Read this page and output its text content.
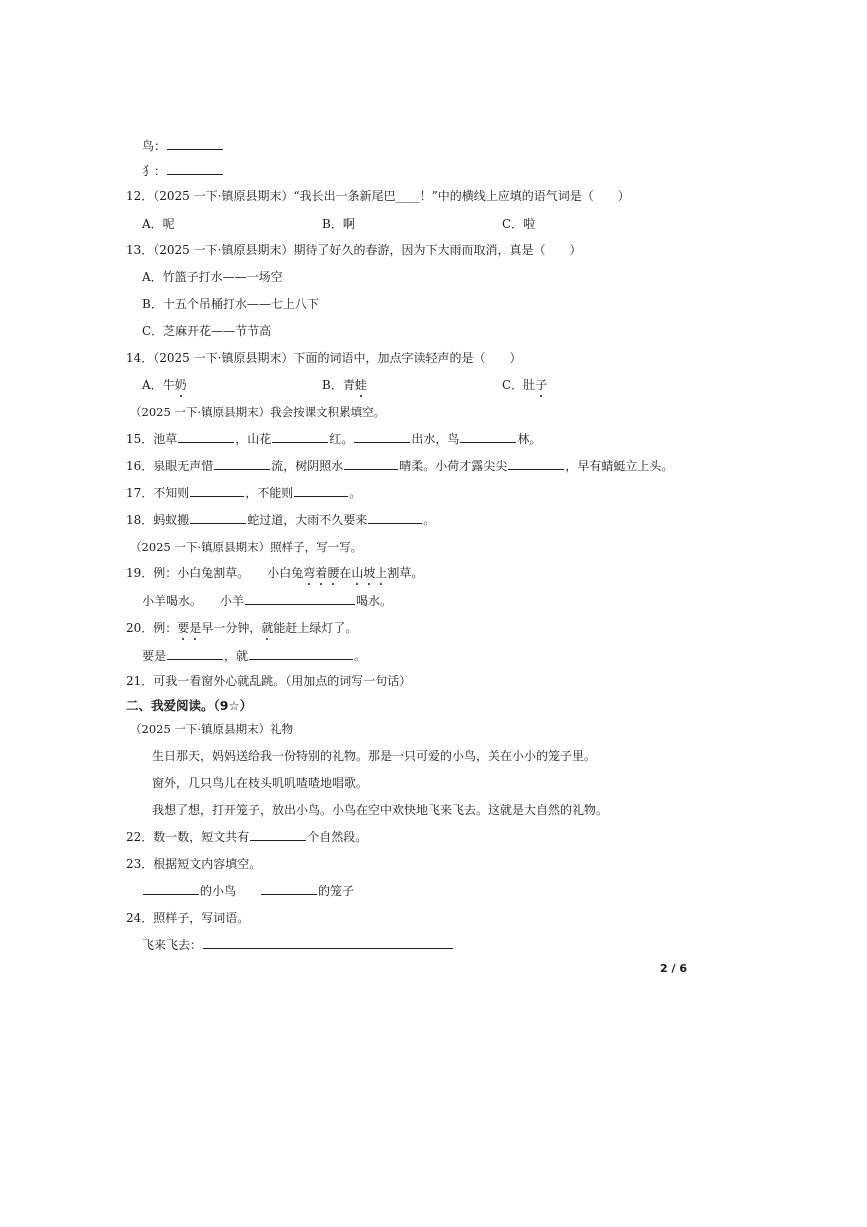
鸟：
犭：
12．（2025 一下·镇原县期末）“我长出一条新尾巴____！”中的横线上应填的语气词是（　　）
A．呢	B．啊	C．啦
13．（2025 一下·镇原县期末）期待了好久的春游，因为下大雨而取消，真是（　　）
A．竹篮子打水——一场空
B．十五个吊桶打水——七上八下
C．芝麻开花——节节高
14．（2025 一下·镇原县期末）下面的词语中，加点字读轻声的是（　　）
A．牛奶	B．青蛙	C．肚子
（2025 一下·镇原县期末）我会按课文积累填空。
15．池草	，山花	红。	出水，鸟	林。
16．泉眼无声惜	流，树阴照水	晴柔。小荷才露尖尖	，早有蜻蜓立上头。
17．不知则	，不能则	。
18．蚂蚁搬	蛇过道，大雨不久要来	。
（2025 一下·镇原县期末）照样子，写一写。
19．例：小白兔割草。　　小白兔弯着腰在山坡上割草。
小羊喝水。　　小羊	喝水。
20．例：要是早一分钟，就能赶上绿灯了。
要是	，就	。
21．可我一看窗外心就乱跳。（用加点的词写一句话）
二、我爱阅读。（9☆）
（2025 一下·镇原县期末）礼物
生日那天，妈妈送给我一份特别的礼物。那是一只可爱的小鸟，关在小小的笼子里。
窗外，几只鸟儿在枝头叽叽喳喳地唱歌。
我想了想，打开笼子，放出小鸟。小鸟在空中欢快地飞来飞去。这就是大自然的礼物。
22．数一数，短文共有	个自然段。
23．根据短文内容填空。
的小鸟	的笼子
24．照样子，写词语。
飞来飞去：
2 / 6
